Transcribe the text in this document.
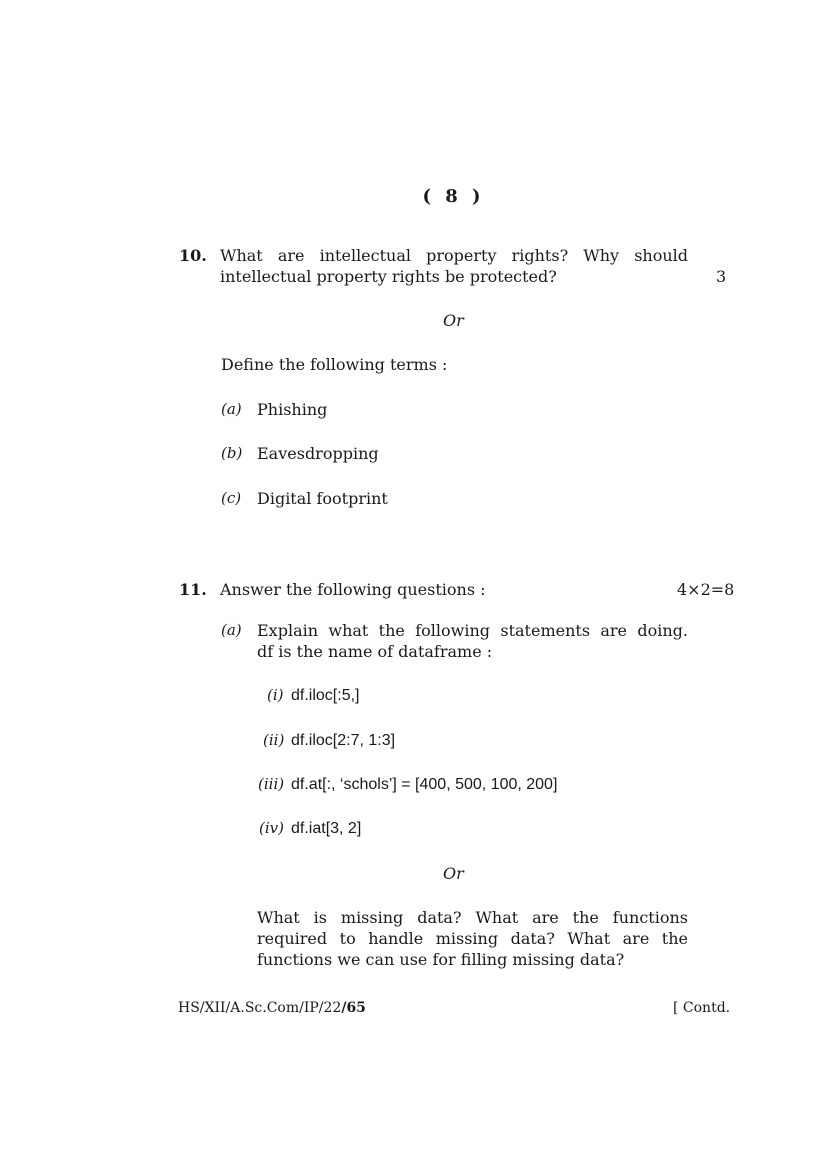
( 8 )
10. What are intellectual property rights? Why should
intellectual property rights be protected?	3
Or
Define the following terms :
(a) Phishing
(b) Eavesdropping
(c) Digital footprint
11. Answer the following questions :	4×2=8
(a) Explain what the following statements are doing.
df is the name of dataframe :
(i) df.iloc[:5,]
(ii) df.iloc[2:7, 1:3]
(iii) df.at[:, ‘schols’] = [400, 500, 100, 200]
(iv) df.iat[3, 2]
Or
What is missing data? What are the functions
required to handle missing data? What are the
functions we can use for filling missing data?
HS/XII/A.Sc.Com/IP/22/65	[ Contd.
